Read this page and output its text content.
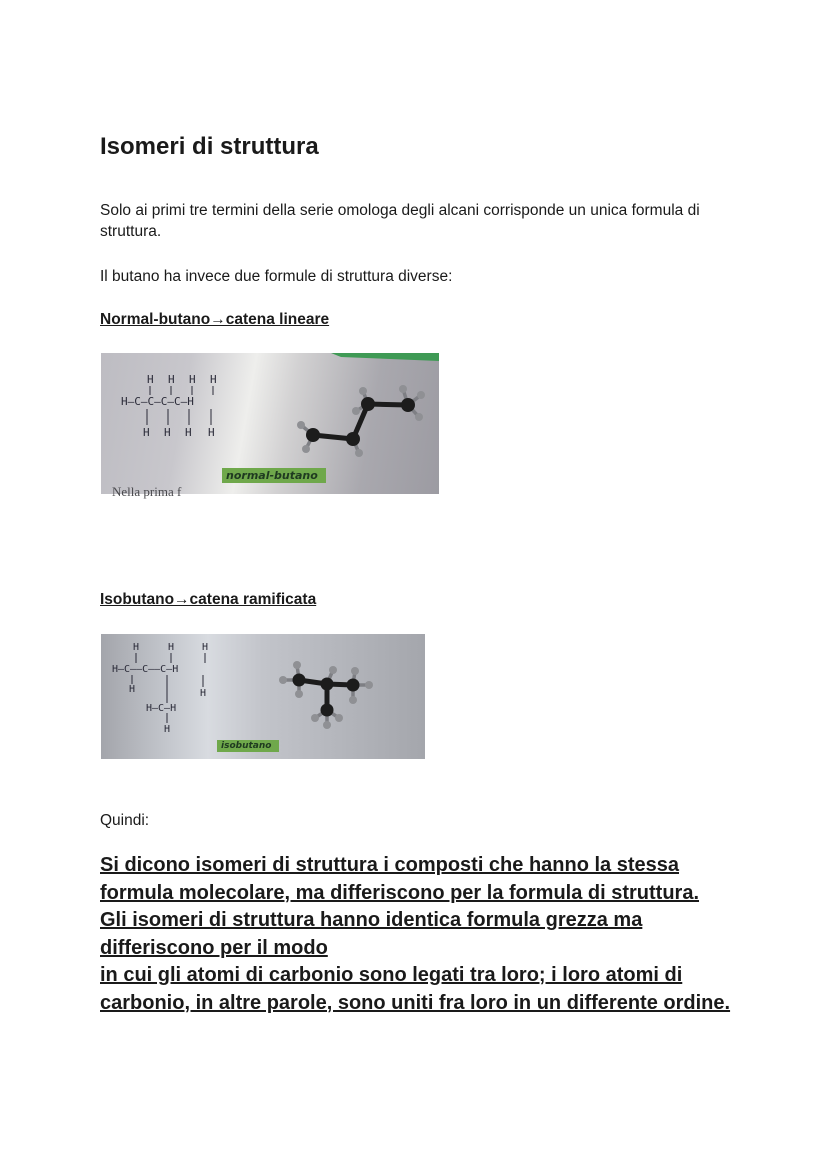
Isomeri di struttura

Solo ai primi tre termini della serie omologa degli alcani corrisponde un unica formula di struttura.

Il butano ha invece due formule di struttura diverse:

Normal-butano→catena lineare

H H H H
H–C–C–C–C–H
H H H H
normal-butano
Nella prima f

Isobutano→catena ramificata

H	H	H
H–C——C——C–H
H	H
H–C–H
H
isobutano

Quindi:

Si dicono isomeri di struttura i composti che hanno la stessa formula molecolare, ma differiscono per la formula di struttura.
Gli isomeri di struttura hanno identica formula grezza ma differiscono per il modo
in cui gli atomi di carbonio sono legati tra loro; i loro atomi di carbonio, in altre parole, sono uniti fra loro in un differente ordine.
